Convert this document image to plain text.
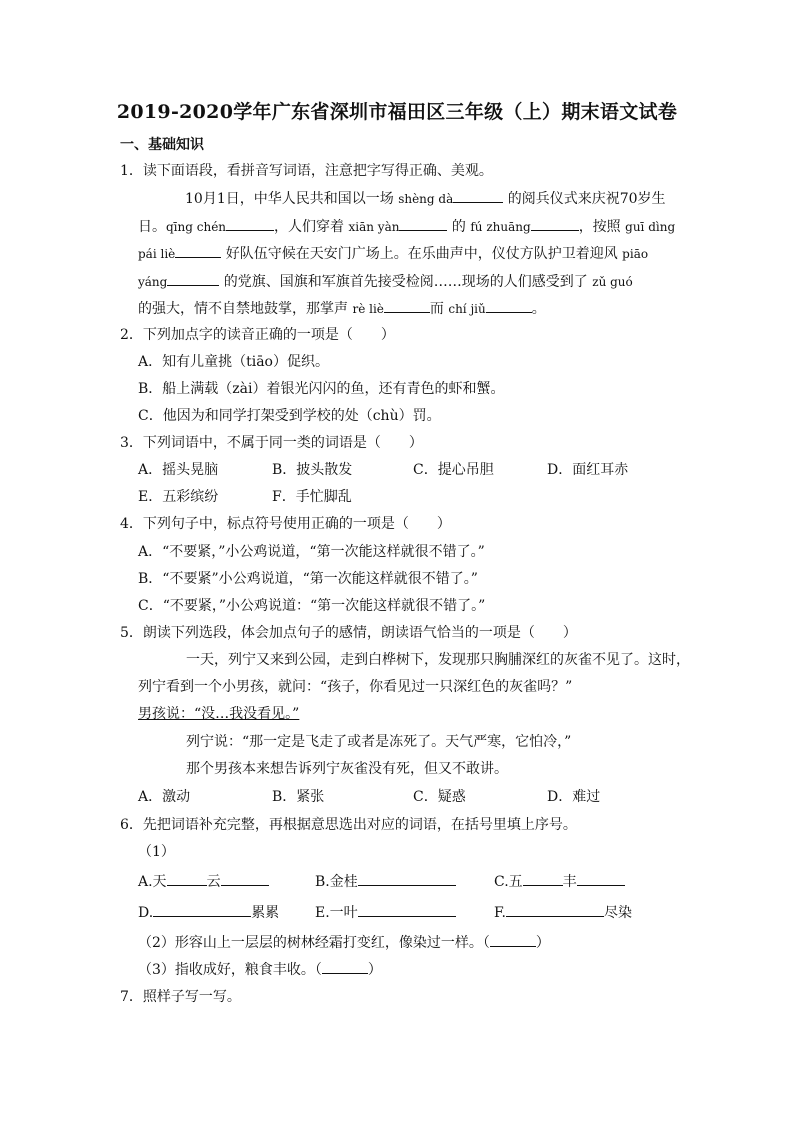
2019-2020学年广东省深圳市福田区三年级（上）期末语文试卷
一、基础知识
1．读下面语段，看拼音写词语，注意把字写得正确、美观。
10月1日，中华人民共和国以一场 shèng dà	的阅兵仪式来庆祝70岁生
日。qīng chén	，人们穿着 xiān yàn	的 fú zhuāng	，按照 guī dìng
pái liè	好队伍守候在天安门广场上。在乐曲声中，仪仗方队护卫着迎风 piāo
yáng	的党旗、国旗和军旗首先接受检阅……现场的人们感受到了 zǔ guó
的强大，情不自禁地鼓掌，那掌声 rè liè	而 chí jiǔ	。
2．下列加点字的读音正确的一项是（　　）
A．知有儿童挑（tiāo）促织。
B．船上满载（zài）着银光闪闪的鱼，还有青色的虾和蟹。
C．他因为和同学打架受到学校的处（chù）罚。
3．下列词语中，不属于同一类的词语是（　　）
A．摇头晃脑	B．披头散发	C．提心吊胆	D．面红耳赤
E．五彩缤纷	F．手忙脚乱
4．下列句子中，标点符号使用正确的一项是（　　）
A．“不要紧，”小公鸡说道，“第一次能这样就很不错了。”
B．“不要紧”小公鸡说道，“第一次能这样就很不错了。”
C．“不要紧，”小公鸡说道：“第一次能这样就很不错了。”
5．朗读下列选段，体会加点句子的感情，朗读语气恰当的一项是（　　）
一天，列宁又来到公园，走到白桦树下，发现那只胸脯深红的灰雀不见了。这时，
列宁看到一个小男孩，就问：“孩子，你看见过一只深红色的灰雀吗？”
男孩说：“没…我没看见。”
列宁说：“那一定是飞走了或者是冻死了。天气严寒，它怕冷，”
那个男孩本来想告诉列宁灰雀没有死，但又不敢讲。
A．激动	B．紧张	C．疑惑	D．难过
6．先把词语补充完整，再根据意思选出对应的词语，在括号里填上序号。
（1）
A.天	云	B.金桂	C.五	丰
D.	累累	E.一叶	F.	尽染
（2）形容山上一层层的树林经霜打变红，像染过一样。（	）
（3）指收成好，粮食丰收。（	）
7．照样子写一写。
